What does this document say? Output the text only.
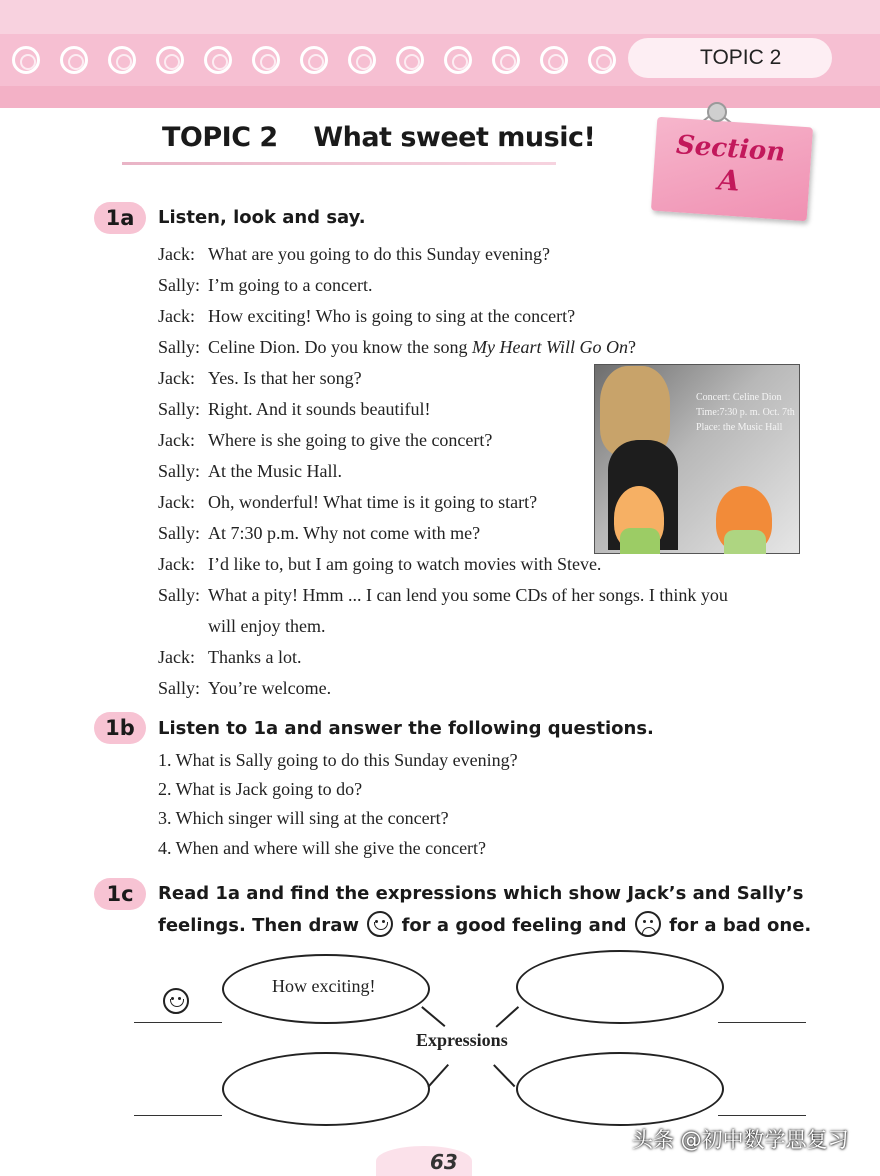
TOPIC 2
TOPIC 2 What sweet music!	Section
A
1a	Listen, look and say.
Jack: What are you going to do this Sunday evening?
Sally: I’m going to a concert.
Jack: How exciting! Who is going to sing at the concert?
Sally: Celine Dion. Do you know the song My Heart Will Go On?
Jack: Yes. Is that her song?
Sally: Right. And it sounds beautiful!
Jack: Where is she going to give the concert?
Sally: At the Music Hall.
Jack: Oh, wonderful! What time is it going to start?
Sally: At 7:30 p.m. Why not come with me?
Jack: I’d like to, but I am going to watch movies with Steve.
Sally: What a pity! Hmm ... I can lend you some CDs of her songs. I think you
will enjoy them.
Jack: Thanks a lot.
Sally: You’re welcome.
Concert: Celine Dion
Time:7:30 p. m. Oct. 7th
Place: the Music Hall
1b	Listen to 1a and answer the following questions.
1. What is Sally going to do this Sunday evening?
2. What is Jack going to do?
3. Which singer will sing at the concert?
4. When and where will she give the concert?
1c	Read 1a and find the expressions which show Jack’s and Sally’s
feelings. Then draw for a good feeling and for a bad one.
How exciting!
Expressions
63
头条 @初中数学思复习
